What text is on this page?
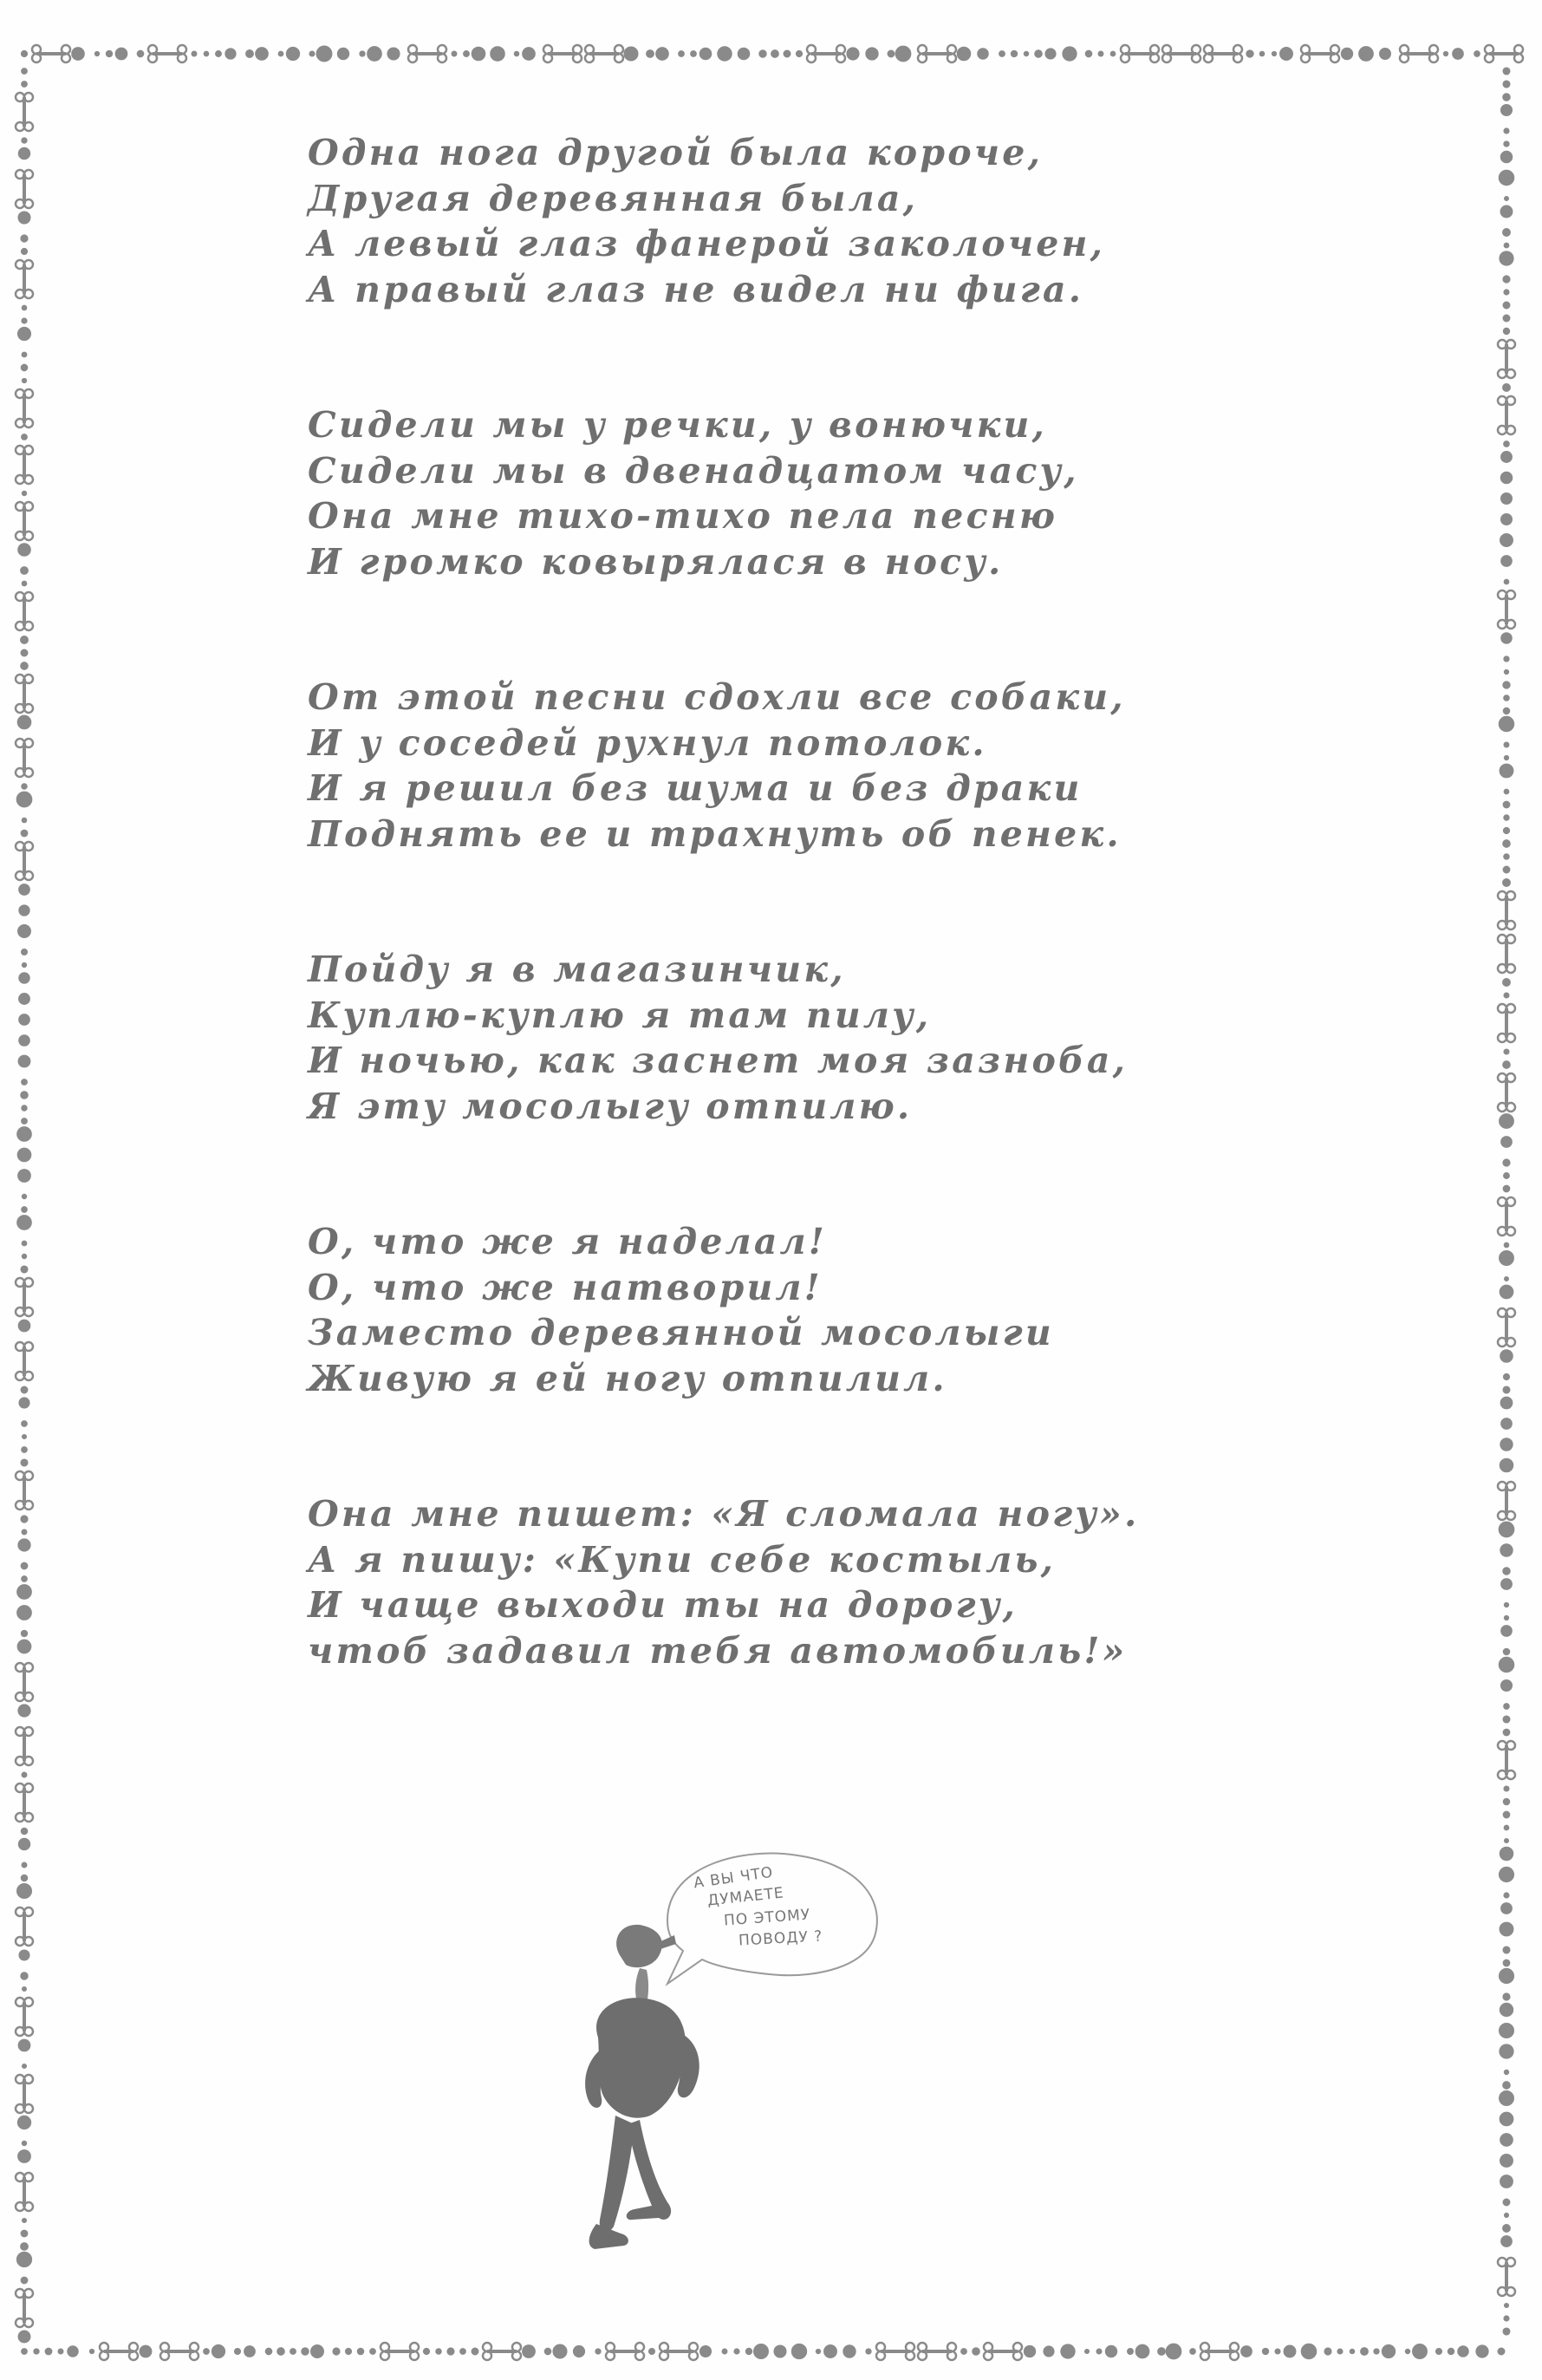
Одна нога другой была короче,
Другая деревянная была,
А левый глаз фанерой заколочен,
А правый глаз не видел ни фига.
Сидели мы у речки, у вонючки,
Сидели мы в двенадцатом часу,
Она мне тихо-тихо пела песню
И громко ковырялася в носу.
От этой песни сдохли все собаки,
И у соседей рухнул потолок.
И я решил без шума и без драки
Поднять ее и трахнуть об пенек.
Пойду я в магазинчик,
Куплю-куплю я там пилу,
И ночью, как заснет моя зазноба,
Я эту мосолыгу отпилю.
О, что же я наделал!
О, что же натворил!
Заместо деревянной мосолыги
Живую я ей ногу отпилил.
Она мне пишет: «Я сломала ногу».
А я пишу: «Купи себе костыль,
И чаще выходи ты на дорогу,
чтоб задавил тебя автомобиль!»
А ВЫ ЧТО
ДУМАЕТЕ
ПО ЭТОМУ
ПОВОДУ ?
